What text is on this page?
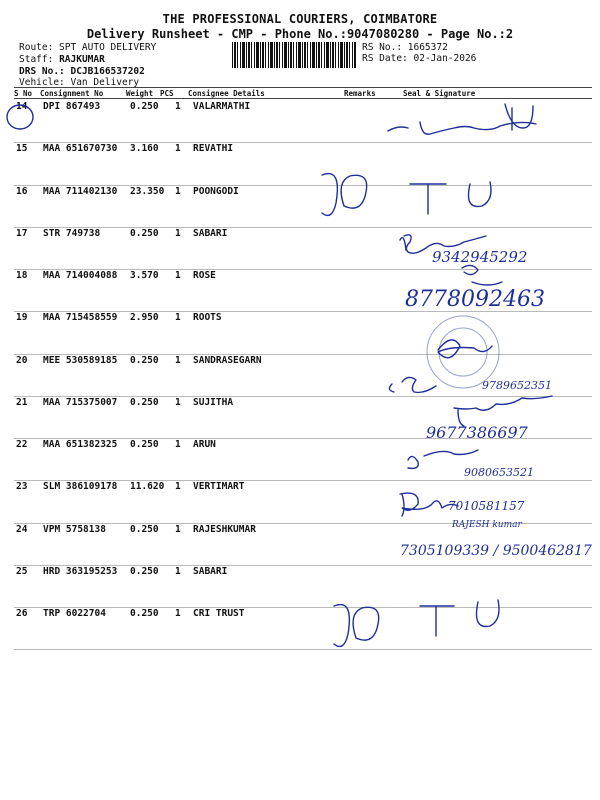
THE PROFESSIONAL COURIERS, COIMBATORE
Delivery Runsheet - CMP - Phone No.:9047080280 - Page No.:2
Route: SPT AUTO DELIVERY
Staff: RAJKUMAR
DRS No.: DCJB166537202
Vehicle: Van Delivery
RS No.: 1665372
RS Date: 02-Jan-2026
S No Consignment No	Weight PCS Consignee Details	Remarks	Seal & Signature
14 DPI 867493	0.250 1 VALARMATHI
15 MAA 651670730 3.160 1 REVATHI
16 MAA 711402130 23.350 1 POONGODI
17 STR 749738	0.250 1 SABARI
18 MAA 714004088 3.570 1 ROSE
19 MAA 715458559 2.950 1 ROOTS
20 MEE 530589185 0.250 1 SANDRASEGARN
21 MAA 715375007 0.250 1 SUJITHA
22 MAA 651382325 0.250 1 ARUN
23 SLM 386109178 11.620 1 VERTIMART
24 VPM 5758138	0.250 1 RAJESHKUMAR
25 HRD 363195253 0.250 1 SABARI
26 TRP 6022704	0.250 1 CRI TRUST
9342945292
8778092463
9789652351
9677386697
9080653521
7010581157
RAJESH kumar
7305109339 / 9500462817
